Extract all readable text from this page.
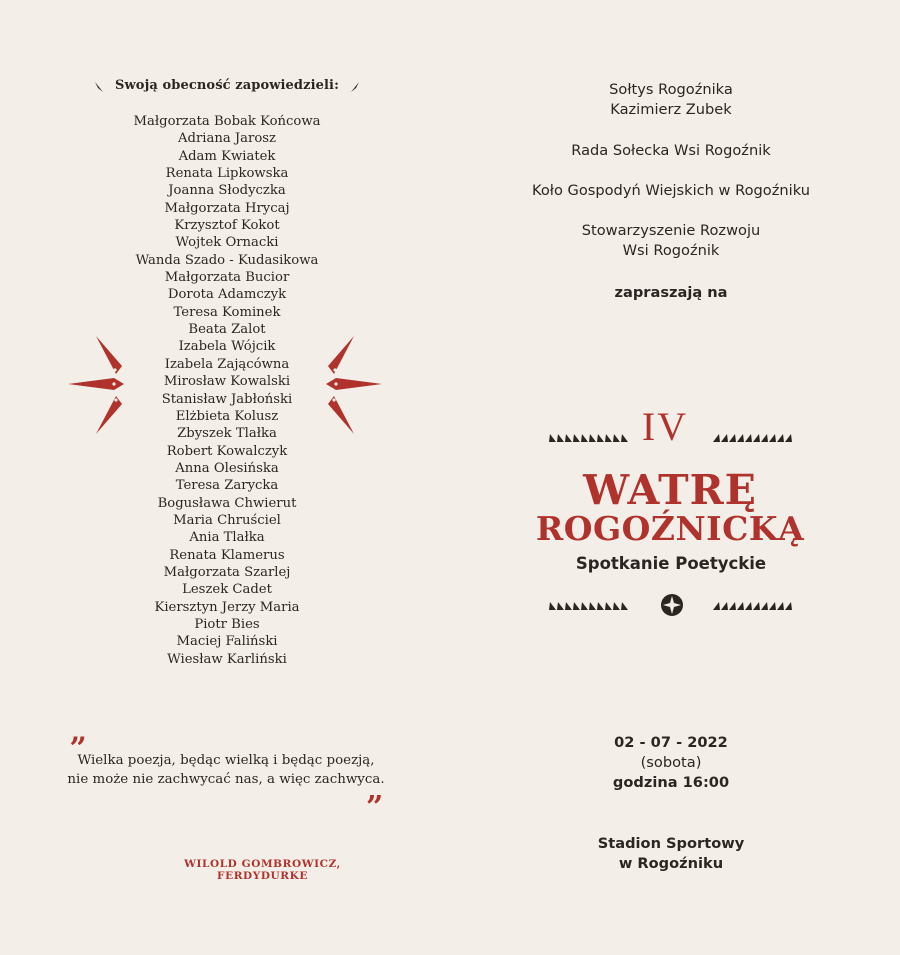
Swoją obecność zapowiedzieli:
Małgorzata Bobak Końcowa
Adriana Jarosz
Adam Kwiatek
Renata Lipkowska
Joanna Słodyczka
Małgorzata Hrycaj
Krzysztof Kokot
Wojtek Ornacki
Wanda Szado - Kudasikowa
Małgorzata Bucior
Dorota Adamczyk
Teresa Kominek
Beata Zalot
Izabela Wójcik
Izabela Zającówna
Mirosław Kowalski
Stanisław Jabłoński
Elżbieta Kolusz
Zbyszek Tlałka
Robert Kowalczyk
Anna Olesińska
Teresa Zarycka
Bogusława Chwierut
Maria Chruściel
Ania Tlałka
Renata Klamerus
Małgorzata Szarlej
Leszek Cadet
Kiersztyn Jerzy Maria
Piotr Bies
Maciej Faliński
Wiesław Karliński
„
Wielka poezja, będąc wielką i będąc poezją,
nie może nie zachwycać nas, a więc zachwyca.
”
WILOLD GOMBROWICZ, FERDYDURKE
Sołtys Rogoźnika
Kazimierz Zubek
Rada Sołecka Wsi Rogoźnik
Koło Gospodyń Wiejskich w Rogoźniku
Stowarzyszenie Rozwoju
Wsi Rogoźnik
zapraszają na
IV
WATRĘ
ROGOŹNICKĄ
Spotkanie Poetyckie
02 - 07 - 2022
(sobota)
godzina 16:00
Stadion Sportowy
w Rogoźniku
